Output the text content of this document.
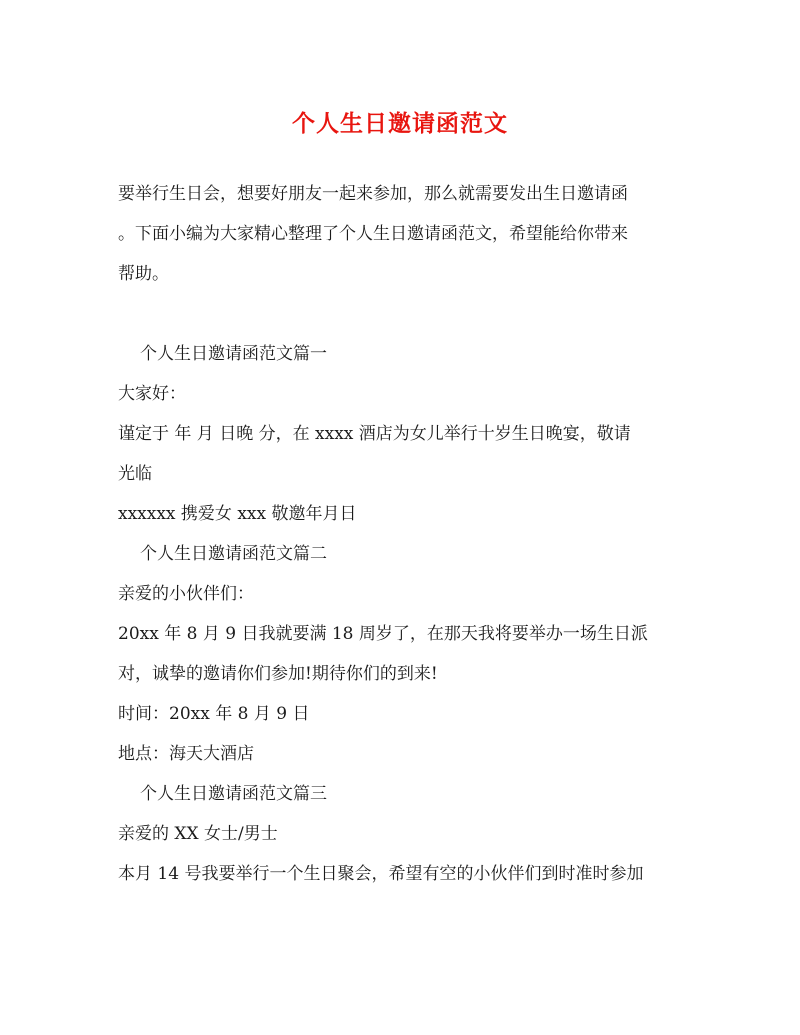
个人生日邀请函范文
要举行生日会，想要好朋友一起来参加，那么就需要发出生日邀请函
。下面小编为大家精心整理了个人生日邀请函范文，希望能给你带来
帮助。
个人生日邀请函范文篇一
大家好：
谨定于 年 月 日晚 分，在 xxxx 酒店为女儿举行十岁生日晚宴，敬请
光临
xxxxxx 携爱女 xxx 敬邀年月日
个人生日邀请函范文篇二
亲爱的小伙伴们：
20xx 年 8 月 9 日我就要满 18 周岁了，在那天我将要举办一场生日派
对，诚挚的邀请你们参加!期待你们的到来!
时间：20xx 年 8 月 9 日
地点：海天大酒店
个人生日邀请函范文篇三
亲爱的 XX 女士/男士
本月 14 号我要举行一个生日聚会，希望有空的小伙伴们到时准时参加
